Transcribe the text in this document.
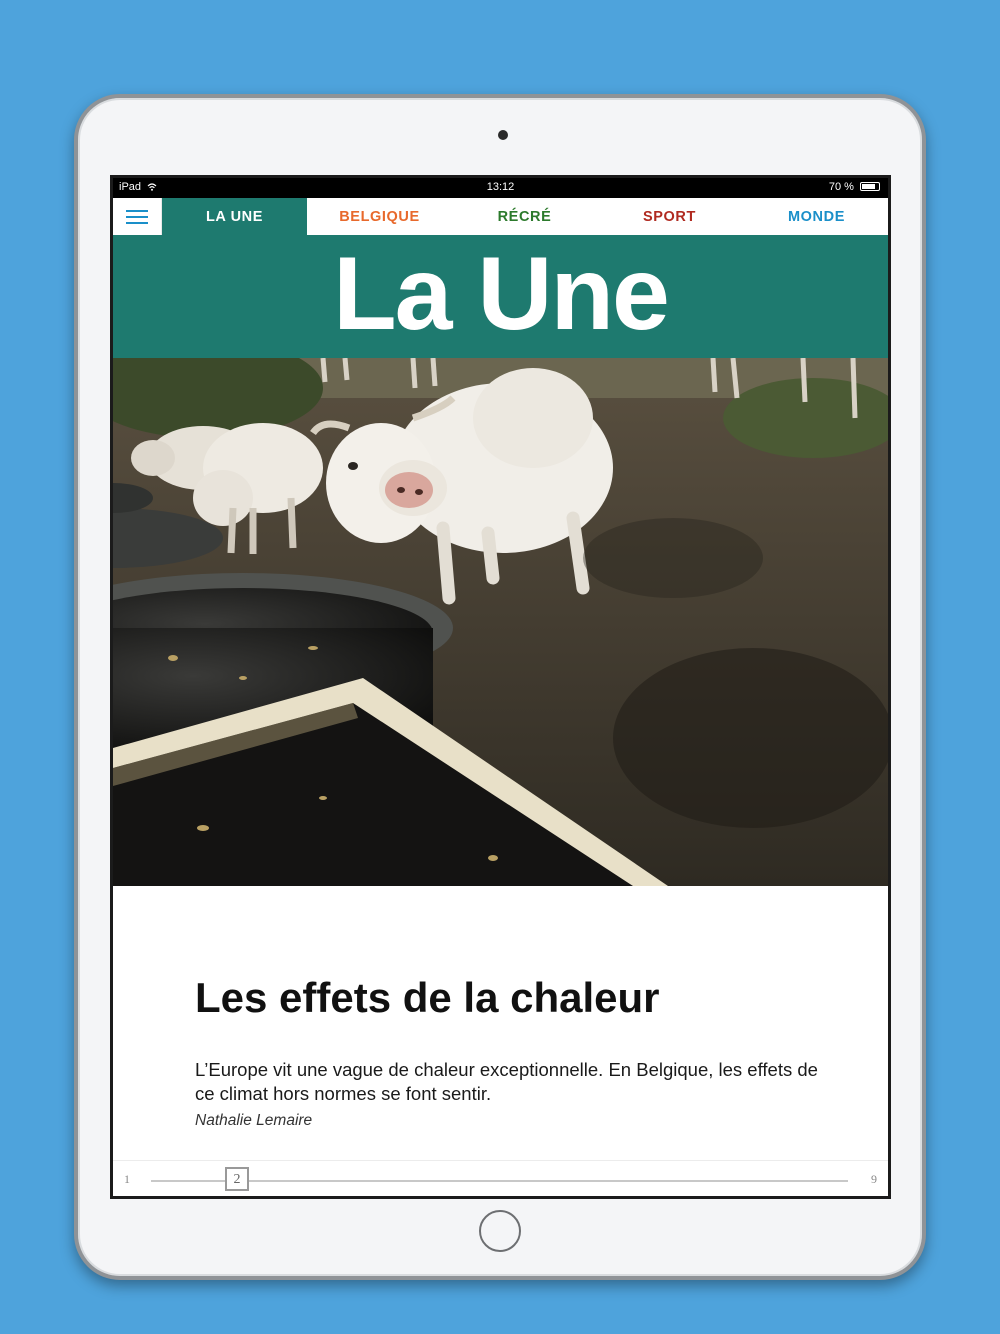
iPad	13:12	70 %
LA UNE	BELGIQUE	RÉCRÉ	SPORT	MONDE
La Une
Les effets de la chaleur

L’Europe vit une vague de chaleur exceptionnelle. En Belgique, les effets de ce climat hors normes se font sentir.

Nathalie Lemaire
1	2	9
